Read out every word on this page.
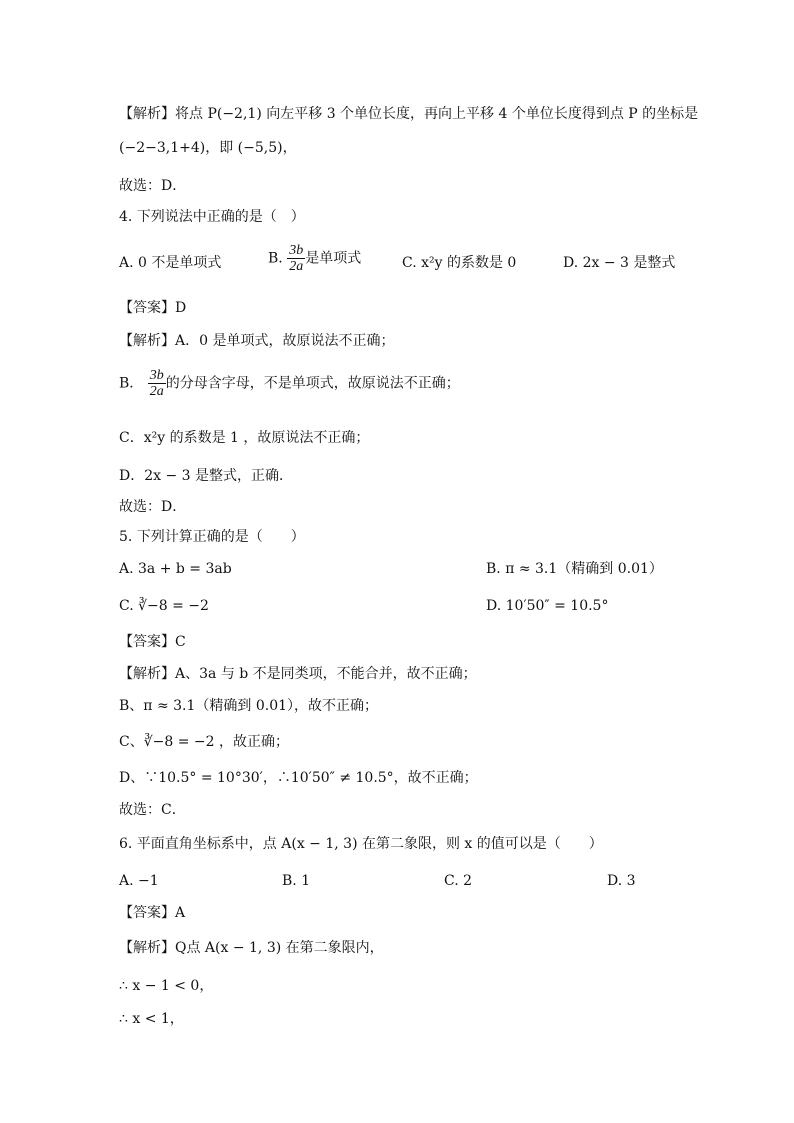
【解析】将点 P(−2,1) 向左平移 3 个单位长度，再向上平移 4 个单位长度得到点 P 的坐标是
(−2−3,1+4)，即 (−5,5)，
故选：D．
4. 下列说法中正确的是（　）
A. 0 不是单项式	B. $\frac{3b}{2a}$ 是单项式	C. x²y 的系数是 0	D. 2x − 3 是整式
【答案】D
【解析】A．0 是单项式，故原说法不正确；
B． $\frac{3b}{2a}$ 的分母含字母，不是单项式，故原说法不正确；
C．x²y 的系数是 1 ，故原说法不正确；
D．2x − 3 是整式，正确．
故选：D．
5. 下列计算正确的是（　　）
A. 3a + b = 3ab	B. π ≈ 3.1（精确到 0.01）
C. ∛−8 = −2	D. 10′50″ = 10.5°
【答案】C
【解析】A、3a 与 b 不是同类项，不能合并，故不正确；
B、π ≈ 3.1（精确到 0.01），故不正确；
C、∛−8 = −2 ，故正确；
D、∵10.5° = 10°30′，∴10′50″ ≠ 10.5°，故不正确；
故选：C．
6. 平面直角坐标系中，点 A(x − 1, 3) 在第二象限，则 x 的值可以是（　　）
A. −1	B. 1	C. 2	D. 3
【答案】A
【解析】Q点 A(x − 1, 3) 在第二象限内，
∴ x − 1 < 0，
∴ x < 1，
